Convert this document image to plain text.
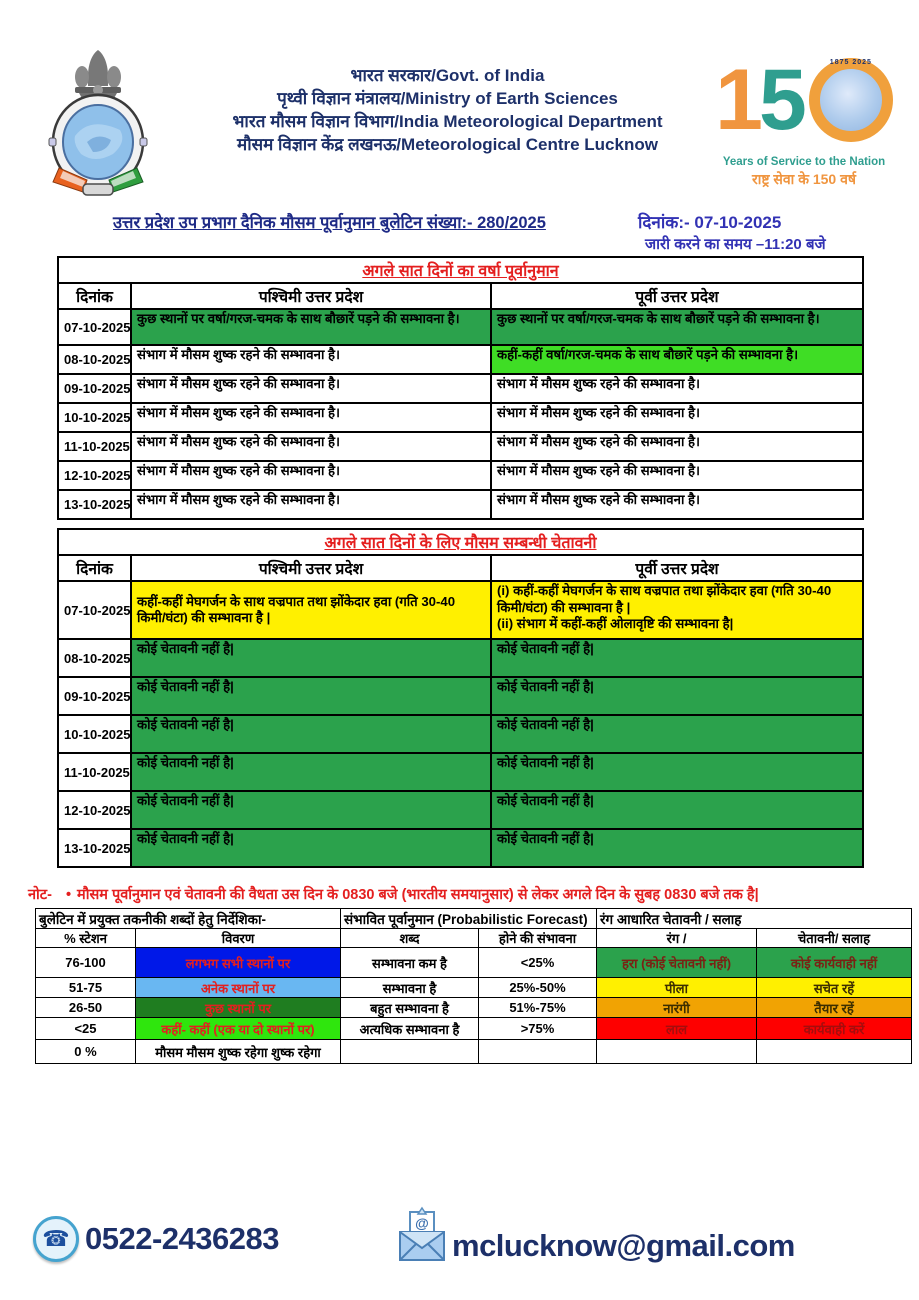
भारत सरकार/Govt. of India
पृथ्वी विज्ञान मंत्रालय/Ministry of Earth Sciences
भारत मौसम विज्ञान विभाग/India Meteorological Department
मौसम विज्ञान केंद्र लखनऊ/Meteorological Centre Lucknow 1 5	1875 2025
Years of Service to the Nation
राष्ट्र सेवा के 150 वर्ष
उत्तर प्रदेश उप प्रभाग दैनिक मौसम पूर्वानुमान बुलेटिन संख्या:- 280/2025	दिनांक:- 07-10-2025
जारी करने का समय –11:20 बजे
अगले सात दिनों का वर्षा पूर्वानुमान		
दिनांक	पश्चिमी उत्तर प्रदेश	पूर्वी उत्तर प्रदेश
07-10-2025	कुछ स्थानों पर वर्षा/गरज-चमक के साथ बौछारें पड़ने की सम्भावना है।	कुछ स्थानों पर वर्षा/गरज-चमक के साथ बौछारें पड़ने की सम्भावना है।
08-10-2025	संभाग में मौसम शुष्क रहने की सम्भावना है।	कहीं-कहीं वर्षा/गरज-चमक के साथ बौछारें पड़ने की सम्भावना है।
09-10-2025	संभाग में मौसम शुष्क रहने की सम्भावना है।	संभाग में मौसम शुष्क रहने की सम्भावना है।
10-10-2025	संभाग में मौसम शुष्क रहने की सम्भावना है।	संभाग में मौसम शुष्क रहने की सम्भावना है।
11-10-2025	संभाग में मौसम शुष्क रहने की सम्भावना है।	संभाग में मौसम शुष्क रहने की सम्भावना है।
12-10-2025	संभाग में मौसम शुष्क रहने की सम्भावना है।	संभाग में मौसम शुष्क रहने की सम्भावना है।
13-10-2025	संभाग में मौसम शुष्क रहने की सम्भावना है।	संभाग में मौसम शुष्क रहने की सम्भावना है।
अगले सात दिनों के लिए मौसम सम्बन्धी चेतावनी		
दिनांक	पश्चिमी उत्तर प्रदेश	पूर्वी उत्तर प्रदेश
07-10-2025	कहीं-कहीं मेघगर्जन के साथ वज्रपात तथा झोंकेदार हवा (गति 30-40 किमी/घंटा) की सम्भावना है |	(i) कहीं-कहीं मेघगर्जन के साथ वज्रपात तथा झोंकेदार हवा (गति 30-40 किमी/घंटा) की सम्भावना है |
(ii) संभाग में कहीं-कहीं ओलावृष्टि की सम्भावना है|

08-10-2025	कोई चेतावनी नहीं है|	कोई चेतावनी नहीं है|
09-10-2025	कोई चेतावनी नहीं है|	कोई चेतावनी नहीं है|
10-10-2025	कोई चेतावनी नहीं है|	कोई चेतावनी नहीं है|
11-10-2025	कोई चेतावनी नहीं है|	कोई चेतावनी नहीं है|
12-10-2025	कोई चेतावनी नहीं है|	कोई चेतावनी नहीं है|
13-10-2025	कोई चेतावनी नहीं है|	कोई चेतावनी नहीं है|
नोट- • मौसम पूर्वानुमान एवं चेतावनी की वैधता उस दिन के 0830 बजे (भारतीय समयानुसार) से लेकर अगले दिन के सुबह 0830 बजे तक है|
बुलेटिन में प्रयुक्त तकनीकी शब्दों हेतु निर्देशिका-		संभावित पूर्वानुमान (Probabilistic Forecast)		रंग आधारित चेतावनी / सलाह	
% स्टेशन	विवरण	शब्द	होने की संभावना	रंग /	चेतावनी/ सलाह
76-100	लगभग सभी स्थानों पर	सम्भावना कम है	<25%	हरा (कोई चेतावनी नहीं)	कोई कार्यवाही नहीं
51-75	अनेक स्थानों पर	सम्भावना है	25%-50%	पीला	सचेत रहें
26-50	कुछ स्थानों पर	बहुत सम्भावना है	51%-75%	नारंगी	तैयार रहें
<25	कहीं- कहीं (एक या दो स्थानों पर)	अत्यधिक सम्भावना है	>75%	लाल	कार्यवाही करें
0 %	मौसम मौसम शुष्क रहेगा शुष्क रहेगा				
☎ 0522-2436283	@
mclucknow@gmail.com
